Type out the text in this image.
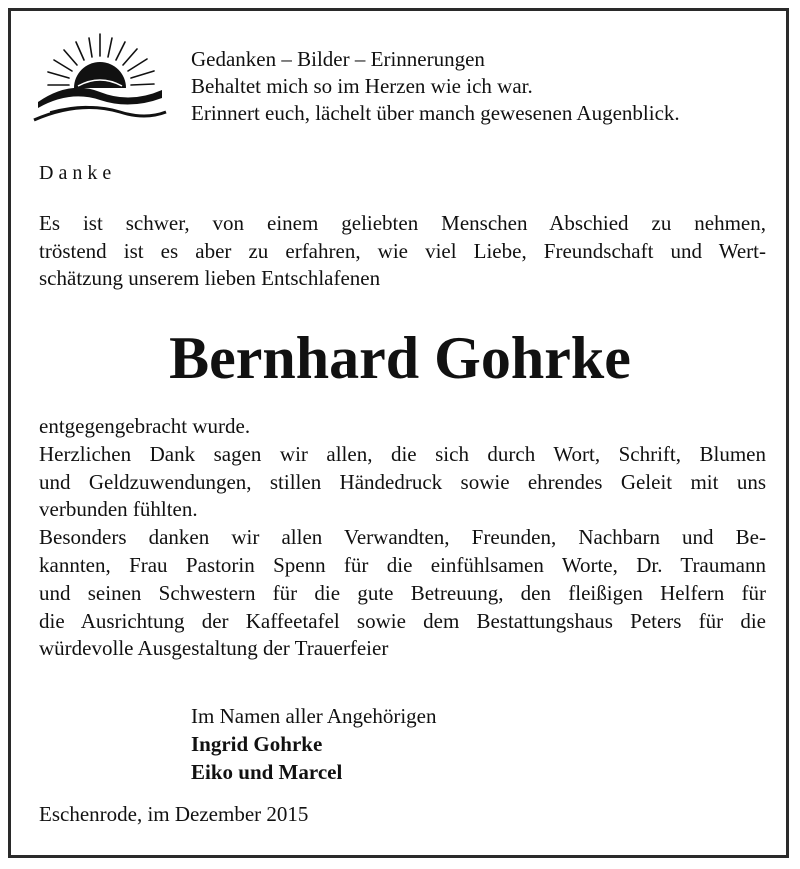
Gedanken – Bilder – Erinnerungen
Behaltet mich so im Herzen wie ich war.
Erinnert euch, lächelt über manch gewesenen Augenblick.
Danke
Es ist schwer, von einem geliebten Menschen Abschied zu nehmen,
tröstend ist es aber zu erfahren, wie viel Liebe, Freundschaft und Wert-
schätzung unserem lieben Entschlafenen
Bernhard Gohrke
entgegengebracht wurde.
Herzlichen Dank sagen wir allen, die sich durch Wort, Schrift, Blumen
und Geldzuwendungen, stillen Händedruck sowie ehrendes Geleit mit uns
verbunden fühlten.
Besonders danken wir allen Verwandten, Freunden, Nachbarn und Be-
kannten, Frau Pastorin Spenn für die einfühlsamen Worte, Dr. Traumann
und seinen Schwestern für die gute Betreuung, den fleißigen Helfern für
die Ausrichtung der Kaffeetafel sowie dem Bestattungshaus Peters für die
würdevolle Ausgestaltung der Trauerfeier
Im Namen aller Angehörigen
Ingrid Gohrke
Eiko und Marcel
Eschenrode, im Dezember 2015
